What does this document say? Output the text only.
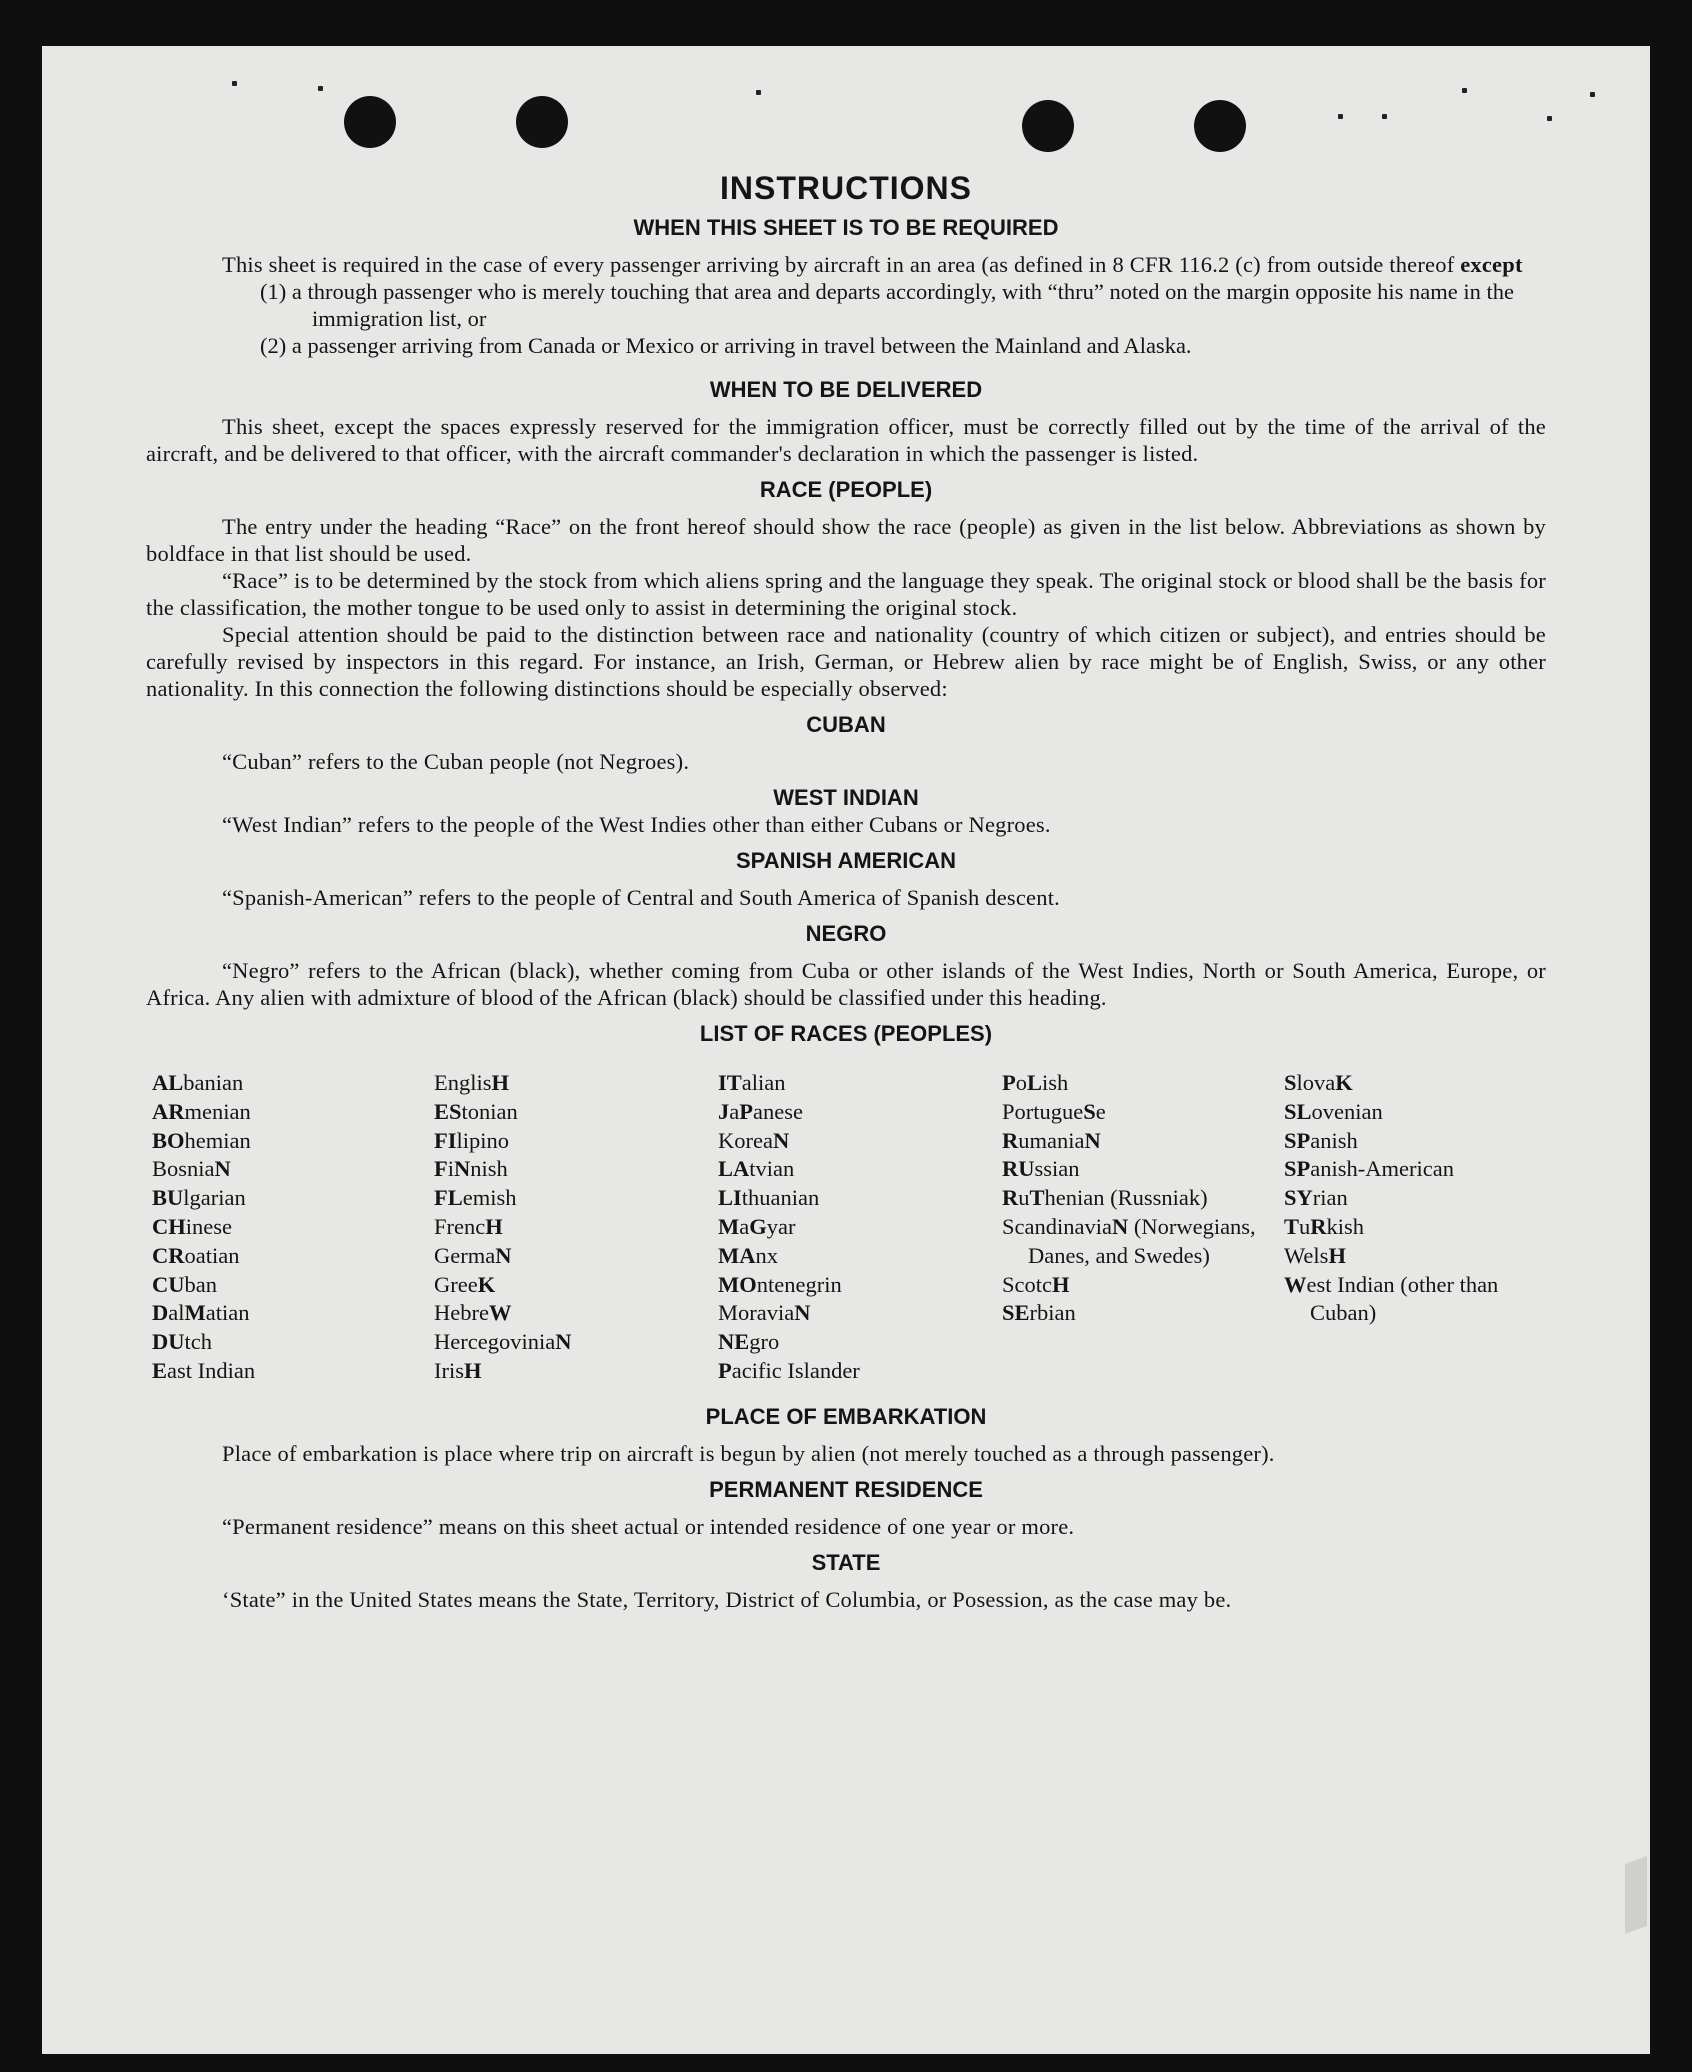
INSTRUCTIONS
WHEN THIS SHEET IS TO BE REQUIRED

This sheet is required in the case of every passenger arriving by aircraft in an area (as defined in 8 CFR 116.2 (c) from outside thereof except

(1) a through passenger who is merely touching that area and departs accordingly, with “thru” noted on the margin opposite his name in the immigration list, or

(2) a passenger arriving from Canada or Mexico or arriving in travel between the Mainland and Alaska.

WHEN TO BE DELIVERED

This sheet, except the spaces expressly reserved for the immigration officer, must be correctly filled out by the time of the arrival of the aircraft, and be delivered to that officer, with the aircraft commander's declaration in which the passenger is listed.

RACE (PEOPLE)

The entry under the heading “Race” on the front hereof should show the race (people) as given in the list below. Abbreviations as shown by boldface in that list should be used.

“Race” is to be determined by the stock from which aliens spring and the language they speak. The original stock or blood shall be the basis for the classification, the mother tongue to be used only to assist in determining the original stock.

Special attention should be paid to the distinction between race and nationality (country of which citizen or subject), and entries should be carefully revised by inspectors in this regard. For instance, an Irish, German, or Hebrew alien by race might be of English, Swiss, or any other nationality. In this connection the following distinctions should be especially observed:

CUBAN

“Cuban” refers to the Cuban people (not Negroes).

WEST INDIAN

“West Indian” refers to the people of the West Indies other than either Cubans or Negroes.

SPANISH AMERICAN

“Spanish-American” refers to the people of Central and South America of Spanish descent.

NEGRO

“Negro” refers to the African (black), whether coming from Cuba or other islands of the West Indies, North or South America, Europe, or Africa. Any alien with admixture of blood of the African (black) should be classified under this heading.

LIST OF RACES (PEOPLES)
ALbanian
ARmenian
BOhemian
BosniaN
BUlgarian
CHinese
CRoatian
CUban
DalMatian
DUtch
East Indian
EnglisH
EStonian
FIlipino
FiNnish
FLemish
FrencH
GermaN
GreeK
HebreW
HercegoviniaN
IrisH
ITalian
JaPanese
KoreaN
LAtvian
LIthuanian
MaGyar
MAnx
MOntenegrin
MoraviaN
NEgro
Pacific Islander
PoLish
PortugueSe
RumaniaN
RUssian
RuThenian (Russniak)
ScandinaviaN (Norwegians, Danes, and Swedes)
ScotcH
SErbian
SlovaK
SLovenian
SPanish
SPanish-American
SYrian
TuRkish
WelsH
West Indian (other than Cuban)
PLACE OF EMBARKATION

Place of embarkation is place where trip on aircraft is begun by alien (not merely touched as a through passenger).

PERMANENT RESIDENCE

“Permanent residence” means on this sheet actual or intended residence of one year or more.

STATE

‘State” in the United States means the State, Territory, District of Columbia, or Posession, as the case may be.
